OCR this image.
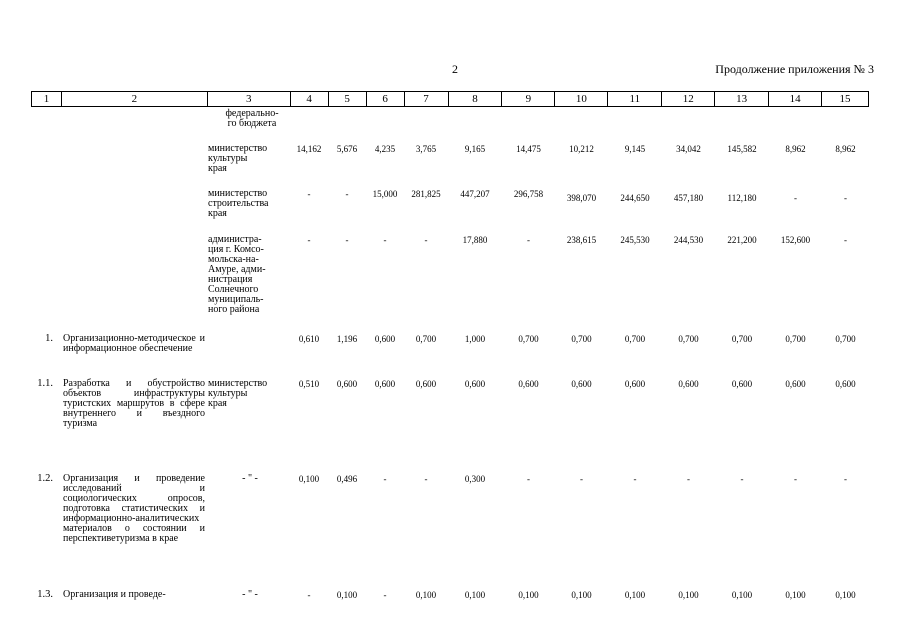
2	Продолжение приложения № 3
1	2	3	4	5	6	7	8	9	10	11	12	13	14	15
федерально-
го бюджета
министерство
культуры
края
14,162	5,676	4,235	3,765	9,165	14,475	10,212	9,145	34,042	145,582	8,962	8,962
министерство
строительства
края
-	-	15,000	281,825	447,207	296,758	398,070	244,650	457,180	112,180	-	-
администра-
ция г. Комсо-
мольска-на-
Амуре, адми-
нистрация
Солнечного
муниципаль-
ного района
-	-	-	-	17,880	-	238,615	245,530	244,530	221,200	152,600	-
1. Организационно-методическое и информационное обеспечение
0,610	1,196	0,600	0,700	1,000	0,700	0,700	0,700	0,700	0,700	0,700	0,700
1.1. Разработка и обустройство объектов инфраструктуры туристских маршрутов в сфере внутреннего и въездного туризма
министерство
культуры
края
0,510	0,600	0,600	0,600	0,600	0,600	0,600	0,600	0,600	0,600	0,600	0,600
1.2. Организация и проведение исследований и социологических опросов, подготовка статистических и информационно-аналитических материалов о состоянии и перспективетуризма в крае
- " -	0,100	0,496	-	-	0,300	-	-	-	-	-	-	-
1.3. Организация и проведе-	- " -	-	0,100	-	0,100	0,100	0,100	0,100	0,100	0,100	0,100	0,100	0,100
